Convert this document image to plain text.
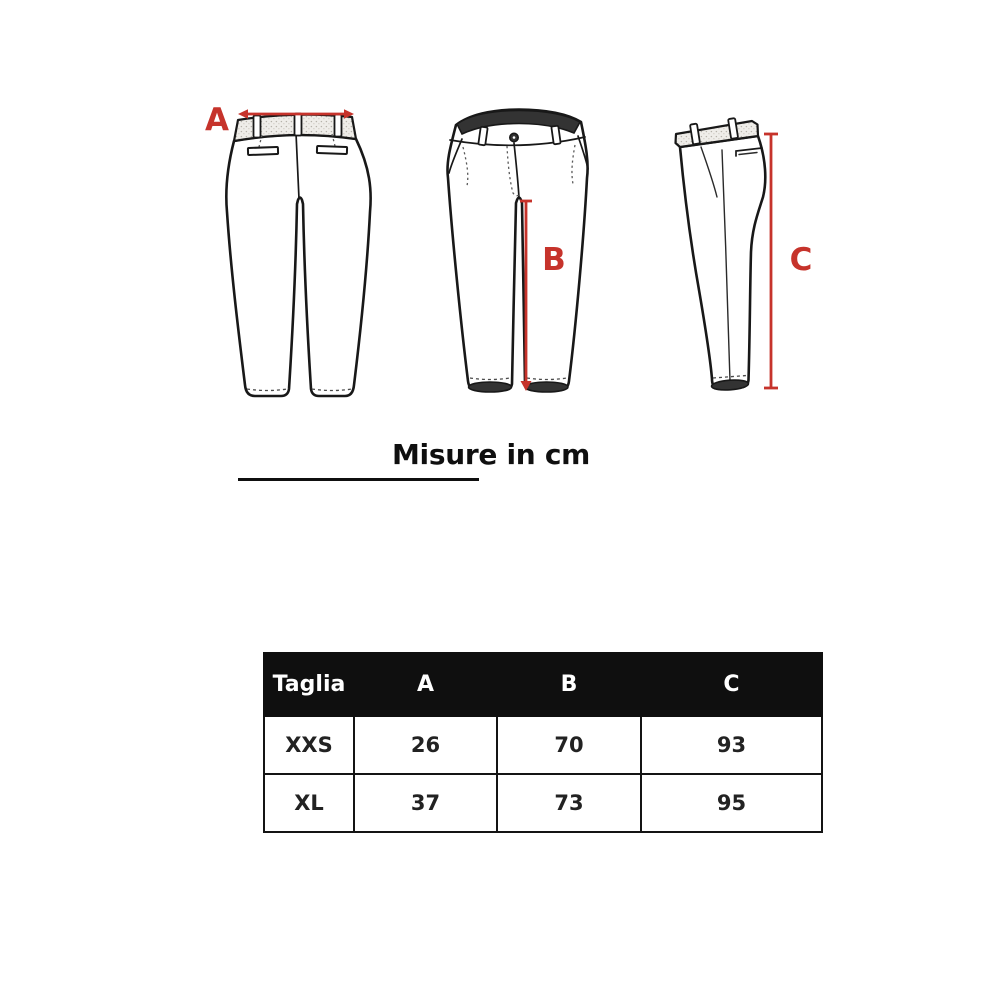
A
B	C
Misure in cm
Taglia	A	B	C
XXS	26	70	93
XL	37	73	95
